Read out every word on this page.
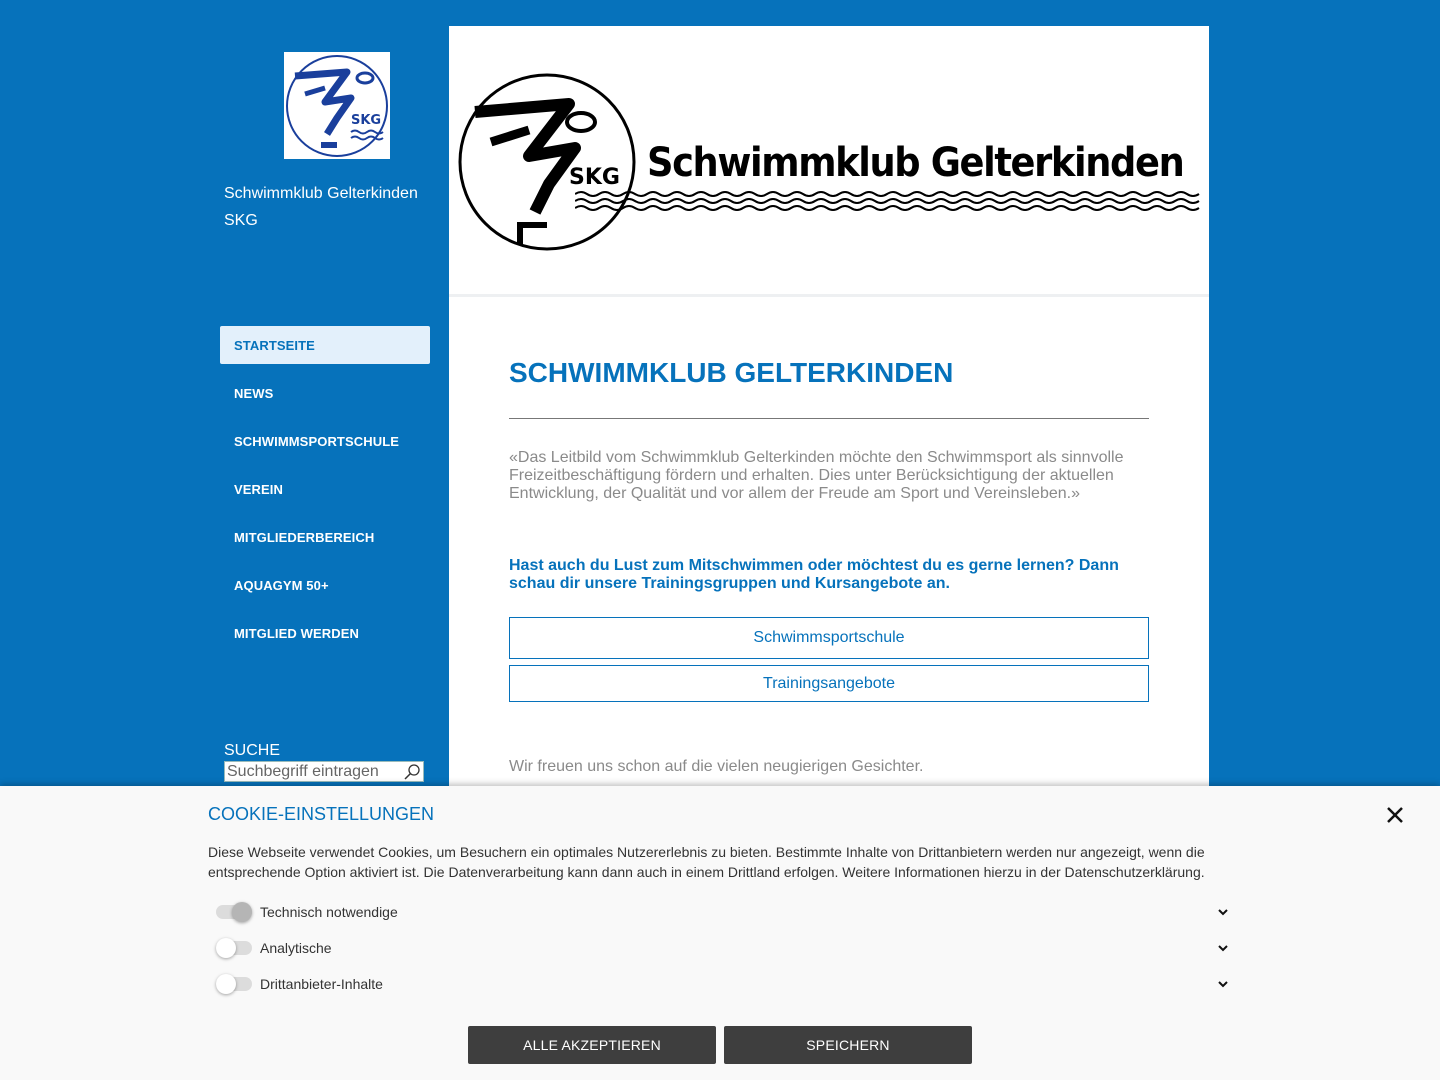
SKG
Schwimmklub Gelterkinden SKG
STARTSEITE
NEWS
SCHWIMMSPORTSCHULE
VEREIN
MITGLIEDERBEREICH
AQUAGYM 50+
MITGLIED WERDEN
SUCHE
Suchbegriff eintragen
SKG Schwimmklub Gelterkinden
SCHWIMMKLUB GELTERKINDEN

«Das Leitbild vom Schwimmklub Gelterkinden möchte den Schwimmsport als sinnvolle Freizeitbeschäftigung fördern und erhalten. Dies unter Berücksichtigung der aktuellen Entwicklung, der Qualität und vor allem der Freude am Sport und Vereinsleben.»

Hast auch du Lust zum Mitschwimmen oder möchtest du es gerne lernen? Dann schau dir unsere Trainingsgruppen und Kursangebote an.

Schwimmsportschule
Trainingsangebote

Wir freuen uns schon auf die vielen neugierigen Gesichter.

COOKIE-EINSTELLUNGEN
Diese Webseite verwendet Cookies, um Besuchern ein optimales Nutzererlebnis zu bieten. Bestimmte Inhalte von Drittanbietern werden nur angezeigt, wenn die entsprechende Option aktiviert ist. Die Datenverarbeitung kann dann auch in einem Drittland erfolgen. Weitere Informationen hierzu in der Datenschutzerklärung.
Technisch notwendige
Analytische
Drittanbieter-Inhalte
ALLE AKZEPTIEREN	SPEICHERN
